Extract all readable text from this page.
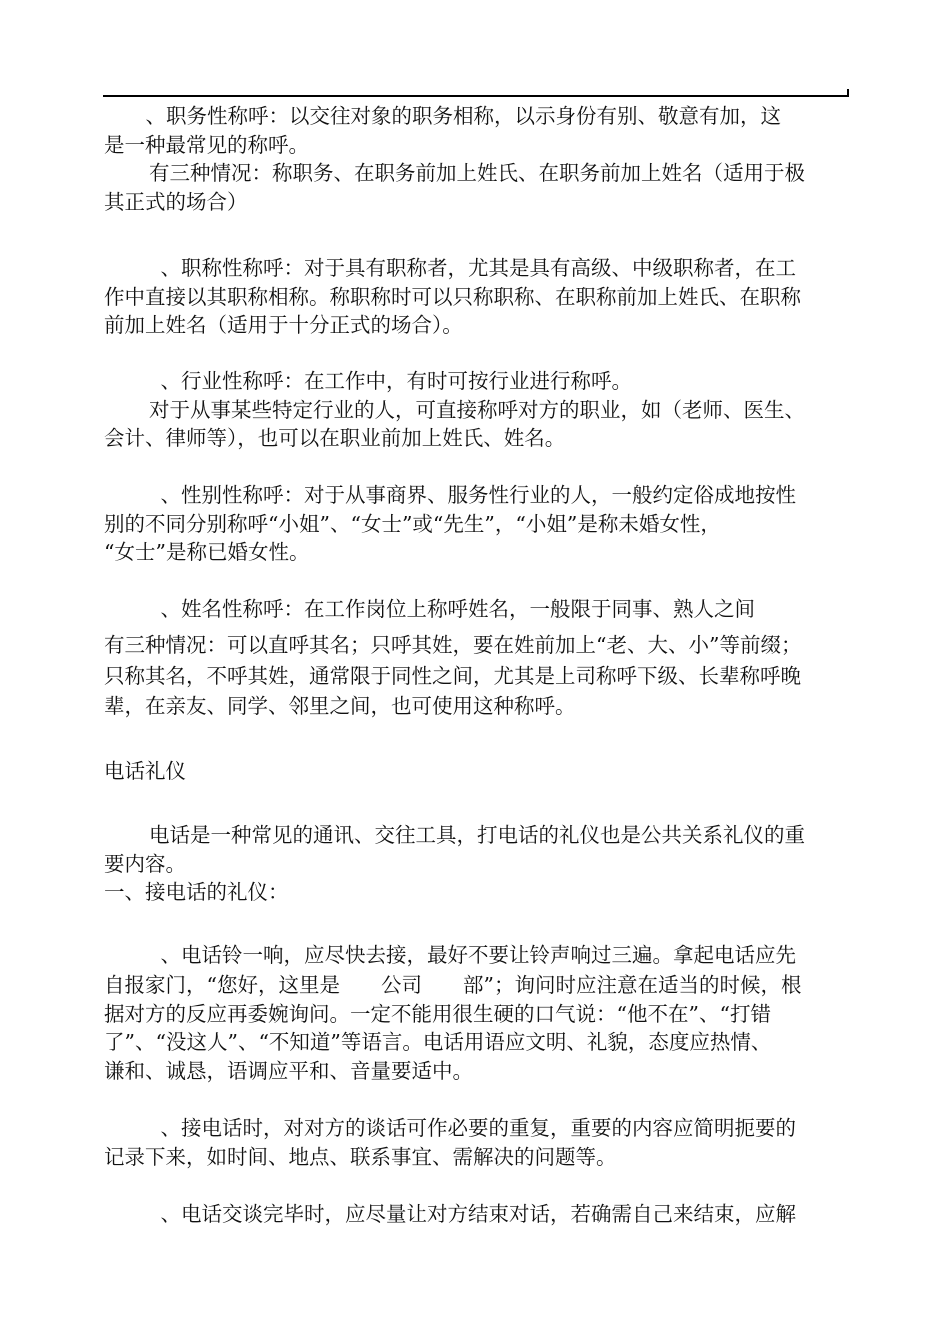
　、职务性称呼：以交往对象的职务相称，以示身份有别、敬意有加，这
是一种最常见的称呼。
有三种情况：称职务、在职务前加上姓氏、在职务前加上姓名（适用于极
其正式的场合）
　、职称性称呼：对于具有职称者，尤其是具有高级、中级职称者，在工
作中直接以其职称相称。称职称时可以只称职称、在职称前加上姓氏、在职称
前加上姓名（适用于十分正式的场合）。
　、行业性称呼：在工作中，有时可按行业进行称呼。
对于从事某些特定行业的人，可直接称呼对方的职业，如（老师、医生、
会计、律师等），也可以在职业前加上姓氏、姓名。
　、性别性称呼：对于从事商界、服务性行业的人，一般约定俗成地按性
别的不同分别称呼“小姐”、“女士”或“先生”，“小姐”是称未婚女性，
“女士”是称已婚女性。
　、姓名性称呼：在工作岗位上称呼姓名，一般限于同事、熟人之间
有三种情况：可以直呼其名；只呼其姓，要在姓前加上“老、大、小”等前缀；
只称其名，不呼其姓，通常限于同性之间，尤其是上司称呼下级、长辈称呼晚
辈，在亲友、同学、邻里之间，也可使用这种称呼。
电话礼仪
电话是一种常见的通讯、交往工具，打电话的礼仪也是公共关系礼仪的重
要内容。
一、接电话的礼仪：
　、电话铃一响，应尽快去接，最好不要让铃声响过三遍。拿起电话应先
自报家门，“您好，这里是　　公司　　部”；询问时应注意在适当的时候，根
据对方的反应再委婉询问。一定不能用很生硬的口气说：“他不在”、“打错
了”、“没这人”、“不知道”等语言。电话用语应文明、礼貌，态度应热情、
谦和、诚恳，语调应平和、音量要适中。
　、接电话时，对对方的谈话可作必要的重复，重要的内容应简明扼要的
记录下来，如时间、地点、联系事宜、需解决的问题等。
　、电话交谈完毕时，应尽量让对方结束对话，若确需自己来结束，应解
